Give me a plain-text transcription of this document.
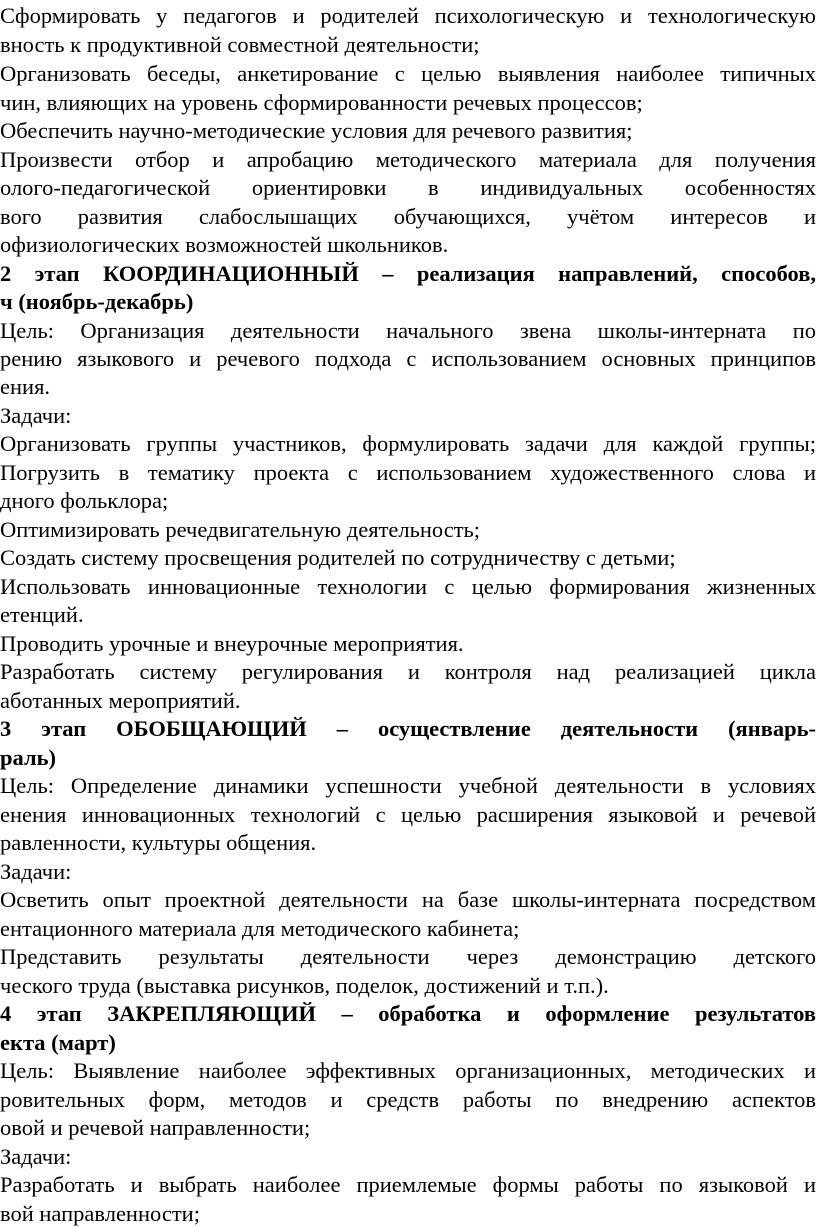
Сформировать у педагогов и родителей психологическую и технологическую
вность к продуктивной совместной деятельности;
Организовать беседы, анкетирование с целью выявления наиболее типичных
чин, влияющих на уровень сформированности речевых процессов;
Обеспечить научно-методические условия для речевого развития;
Произвести отбор и апробацию методического материала для получения
олого-педагогической ориентировки в индивидуальных особенностях
вого развития слабослышащих обучающихся, учётом интересов и
офизиологических возможностей школьников.
2 этап КООРДИНАЦИОННЫЙ – реализация направлений, способов,
ч (ноябрь-декабрь)
Цель: Организация деятельности начального звена школы-интерната по
рению языкового и речевого подхода с использованием основных принципов
ения.
Задачи:
Организовать группы участников, формулировать задачи для каждой группы;
Погрузить в тематику проекта с использованием художественного слова и
дного фольклора;
Оптимизировать речедвигательную деятельность;
Создать систему просвещения родителей по сотрудничеству с детьми;
Использовать инновационные технологии с целью формирования жизненных
етенций.
Проводить урочные и внеурочные мероприятия.
Разработать систему регулирования и контроля над реализацией цикла
аботанных мероприятий.
3 этап ОБОБЩАЮЩИЙ – осуществление деятельности (январь-
раль)
Цель: Определение динамики успешности учебной деятельности в условиях
енения инновационных технологий с целью расширения языковой и речевой
равленности, культуры общения.
Задачи:
Осветить опыт проектной деятельности на базе школы-интерната посредством
ентационного материала для методического кабинета;
Представить результаты деятельности через демонстрацию детского
ческого труда (выставка рисунков, поделок, достижений и т.п.).
4 этап ЗАКРЕПЛЯЮЩИЙ – обработка и оформление результатов
екта (март)
Цель: Выявление наиболее эффективных организационных, методических и
ровительных форм, методов и средств работы по внедрению аспектов
овой и речевой направленности;
Задачи:
Разработать и выбрать наиболее приемлемые формы работы по языковой и
вой направленности;
